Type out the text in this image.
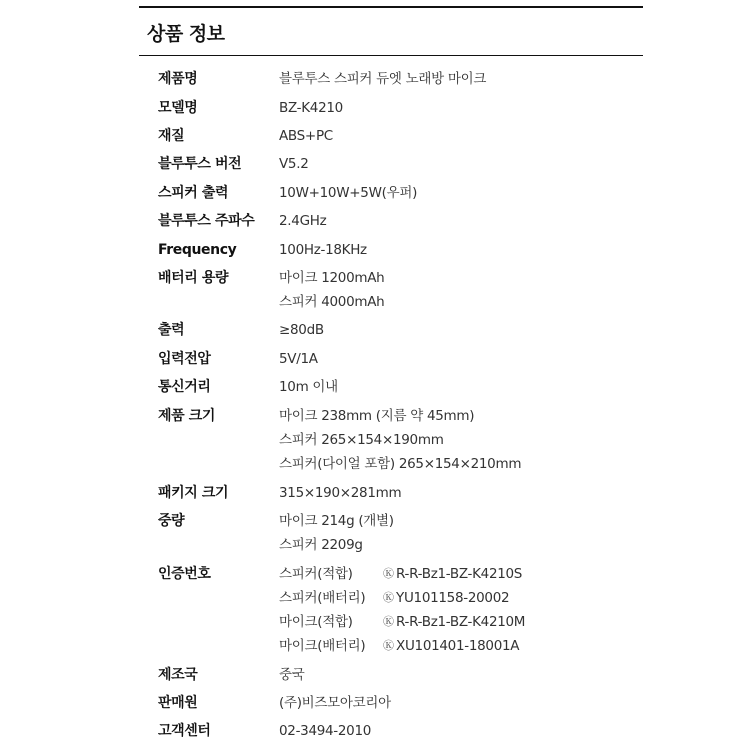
상품 정보
제품명	블루투스 스피커 듀엣 노래방 마이크
모델명	BZ-K4210
재질	ABS+PC
블루투스 버전	V5.2
스피커 출력	10W+10W+5W(우퍼)
블루투스 주파수 2.4GHz
Frequency	100Hz-18KHz
배터리 용량	마이크 1200mAh
스피커 4000mAh
출력	≥80dB
입력전압	5V/1A
통신거리	10m 이내
제품 크기	마이크 238mm (지름 약 45mm)
스피커 265×154×190mm
스피커(다이얼 포함) 265×154×210mm
패키지 크기	315×190×281mm
중량	마이크 214g (개별)
스피커 2209g
인증번호	스피커(적합)	Ⓚ R-R-Bz1-BZ-K4210S
스피커(배터리)	Ⓚ YU101158-20002
마이크(적합)	Ⓚ R-R-Bz1-BZ-K4210M
마이크(배터리)	Ⓚ XU101401-18001A
제조국	중국
판매원	(주)비즈모아코리아
고객센터	02-3494-2010
